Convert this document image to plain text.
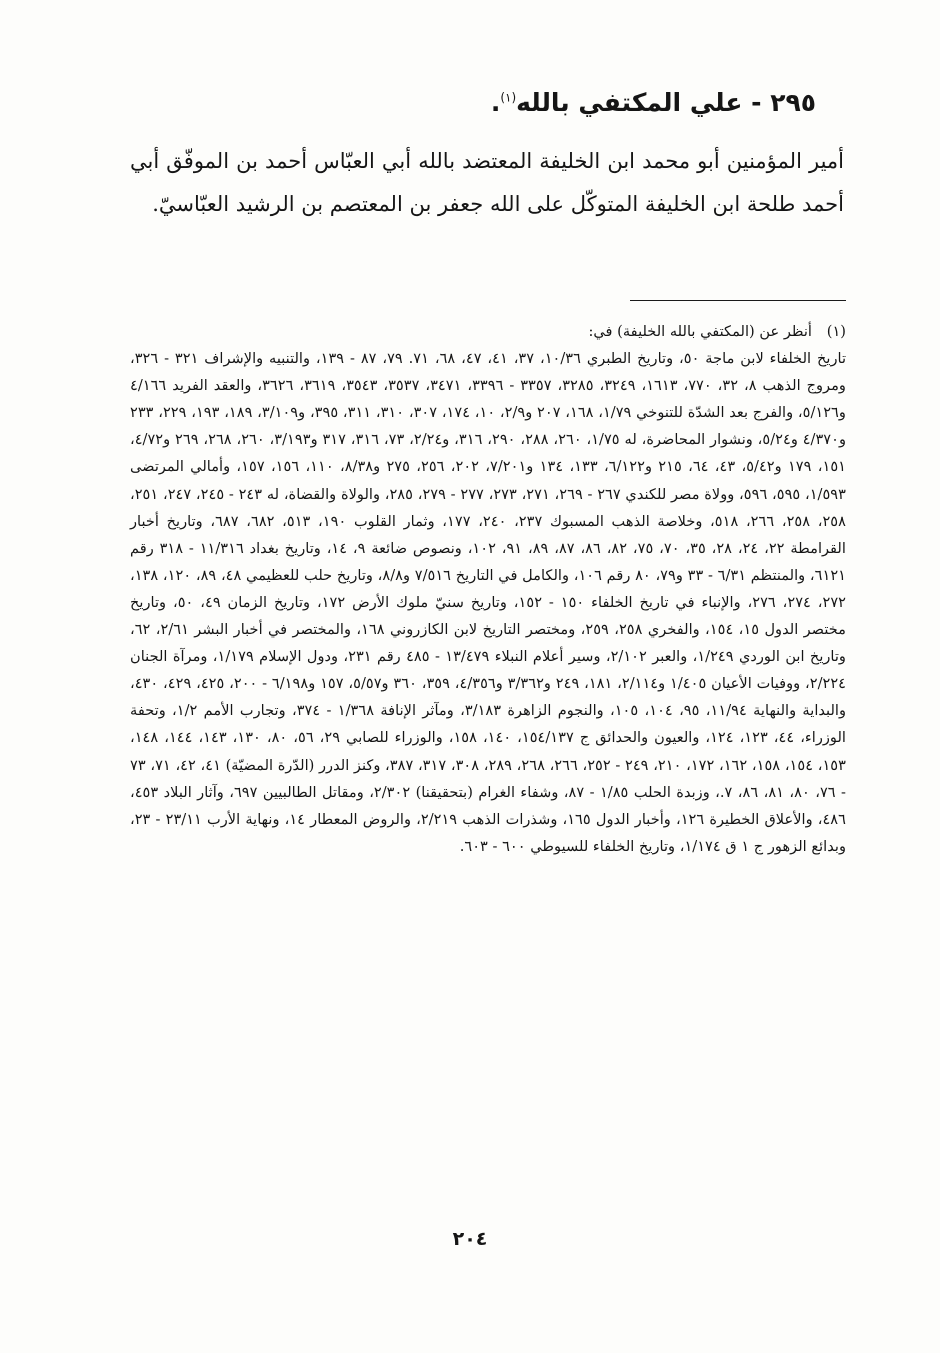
٢٩٥ - علي المكتفي بالله$^{(١)}$.
أمير المؤمنين أبو محمد ابن الخليفة المعتضد بالله أبي العبّاس أحمد بن الموفّق أبي أحمد طلحة ابن الخليفة المتوكّل على الله جعفر بن المعتصم بن الرشيد العبّاسيّ.
(١)
أنظر عن (المكتفي بالله الخليفة) في:
تاريخ الخلفاء لابن ماجة ٥٠، وتاريخ الطبري ١٠/٣٦، ٣٧، ٤١، ٤٧، ٦٨، ٧١. ٧٩، ٨٧ - ١٣٩، والتنبيه والإشراف ٣٢١ - ٣٢٦، ومروج الذهب ٨، ٣٢، ٧٧٠، ١٦١٣، ٣٢٤٩، ٣٢٨٥، ٣٣٥٧ - ٣٣٩٦، ٣٤٧١، ٣٥٣٧، ٣٥٤٣، ٣٦١٩، ٣٦٢٦، والعقد الفريد ٤/١٦٦ و٥/١٢٦، والفرج بعد الشدّة للتنوخي ١/٧٩، ١٦٨، ٢٠٧ و٢/٩، ١٠، ١٧٤، ٣٠٧، ٣١٠، ٣١١، ٣٩٥، و٣/١٠٩، ١٨٩، ١٩٣، ٢٢٩، ٢٣٣ و٤/٣٧٠ و٥/٢٤، ونشوار المحاضرة، له ١/٧٥، ٢٦٠، ٢٨٨، ٢٩٠، ٣١٦، و٢/٢٤، ٧٣، ٣١٦، ٣١٧ و٣/١٩٣، ٢٦٠، ٢٦٨، ٢٦٩ و٤/٧٢، ١٥١، ١٧٩ و٥/٤٢، ٤٣، ٦٤، ٢١٥ و٦/١٢٢، ١٣٣، ١٣٤ و٧/٢٠١، ٢٠٢، ٢٥٦، ٢٧٥ و٨/٣٨، ١١٠، ١٥٦، ١٥٧، وأمالي المرتضى ١/٥٩٣، ٥٩٥، ٥٩٦، وولاة مصر للكندي ٢٦٧ - ٢٦٩، ٢٧١، ٢٧٣، ٢٧٧ - ٢٧٩، ٢٨٥، والولاة والقضاة، له ٢٤٣ - ٢٤٥، ٢٤٧، ٢٥١، ٢٥٨، ٢٥٨، ٢٦٦، ٥١٨، وخلاصة الذهب المسبوك ٢٣٧، ٢٤٠، ١٧٧، وثمار القلوب ١٩٠، ٥١٣، ٦٨٢، ٦٨٧، وتاريخ أخبار القرامطة ٢٢، ٢٤، ٢٨، ٣٥، ٧٠، ٧٥، ٨٢، ٨٦، ٨٧، ٨٩، ٩١، ١٠٢، ونصوص ضائعة ٩، ١٤، وتاريخ بغداد ١١/٣١٦ - ٣١٨ رقم ٦١٢١، والمنتظم ٦/٣١ - ٣٣ و٧٩، ٨٠ رقم ١٠٦، والكامل في التاريخ ٧/٥١٦ و٨/٨، وتاريخ حلب للعظيمي ٤٨، ٨٩، ١٢٠، ١٣٨، ٢٧٢، ٢٧٤، ٢٧٦، والإنباء في تاريخ الخلفاء ١٥٠ - ١٥٢، وتاريخ سنيّ ملوك الأرض ١٧٢، وتاريخ الزمان ٤٩، ٥٠، وتاريخ مختصر الدول ١٥، ١٥٤، والفخري ٢٥٨، ٢٥٩، ومختصر التاريخ لابن الكازروني ١٦٨، والمختصر في أخبار البشر ٢/٦١، ٦٢، وتاريخ ابن الوردي ١/٢٤٩، والعبر ٢/١٠٢، وسير أعلام النبلاء ١٣/٤٧٩ - ٤٨٥ رقم ٢٣١، ودول الإسلام ١/١٧٩، ومرآة الجنان ٢/٢٢٤، ووفيات الأعيان ١/٤٠٥ و٢/١١٤، ١٨١، ٢٤٩ و٣/٣٦٢ و٤/٣٥٦، ٣٥٩، ٣٦٠ و٥/٥٧، ١٥٧ و٦/١٩٨ - ٢٠٠، ٤٢٥، ٤٢٩، ٤٣٠، والبداية والنهاية ١١/٩٤، ٩٥، ١٠٤، ١٠٥، والنجوم الزاهرة ٣/١٨٣، ومآثر الإنافة ١/٣٦٨ - ٣٧٤، وتجارب الأمم ١/٢، وتحفة الوزراء، ٤٤، ١٢٣، ١٢٤، والعيون والحدائق ج ١٥٤/١٣٧، ١٤٠، ١٥٨، والوزراء للصابي ٢٩، ٥٦، ٨٠، ١٣٠، ١٤٣، ١٤٤، ١٤٨، ١٥٣، ١٥٤، ١٥٨، ١٦٢، ١٧٢، ٢١٠، ٢٤٩ - ٢٥٢، ٢٦٦، ٢٦٨، ٢٨٩، ٣٠٨، ٣١٧، ٣٨٧، وكنز الدرر (الدّرة المضيّة) ٤١، ٤٢، ٧١، ٧٣ - ٧٦، ٨٠، ٨١، ٨٦، ٧.، وزبدة الحلب ١/٨٥ - ٨٧، وشفاء الغرام (بتحقيقنا) ٢/٣٠٢، ومقاتل الطالبيين ٦٩٧، وآثار البلاد ٤٥٣، ٤٨٦، والأعلاق الخطيرة ١٢٦، وأخبار الدول ١٦٥، وشذرات الذهب ٢/٢١٩، والروض المعطار ١٤، ونهاية الأرب ٢٣/١١ - ٢٣، وبدائع الزهور ج ١ ق ١/١٧٤، وتاريخ الخلفاء للسيوطي ٦٠٠ - ٦٠٣.
٢٠٤
